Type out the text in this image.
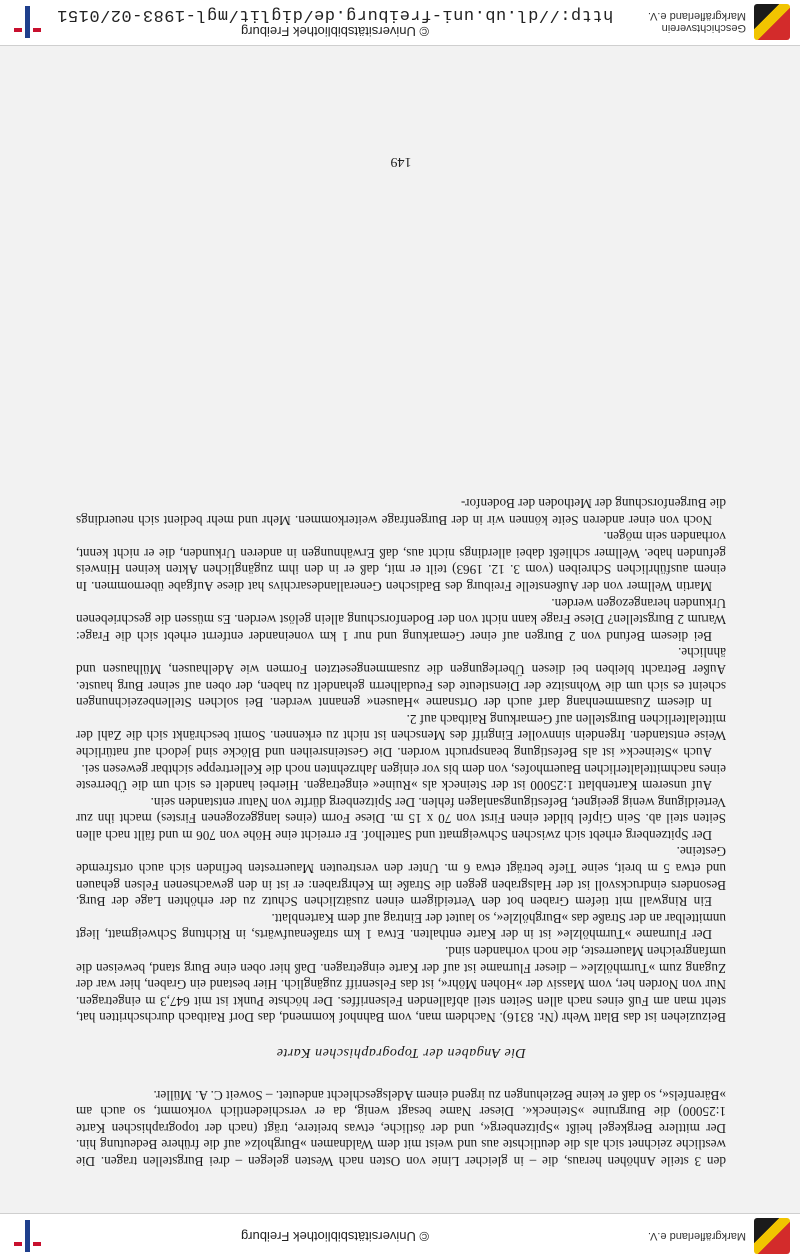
Geschichtsverein Markgräflerland e.V.
© Universitätsbibliothek Freiburg
http://dl.ub.uni-freiburg.de/diglit/mgl-1983-02/0151

den 3 steile Anhöhen heraus, die – in gleicher Linie von Osten nach Westen gelegen – drei Burgstellen tragen. Die westliche zeichnet sich als die deutlichste aus und weist mit dem Waldnamen »Burgholz« auf die frühere Bedeutung hin. Der mittlere Bergkegel heißt »Spitzenberg«, und der östliche, etwas breitere, trägt (nach der topographischen Karte 1:25000) die Burgruine »Steineck«. Dieser Name besagt wenig, da er verschiedentlich vorkommt, so auch am »Bärenfels«, so daß er keine Beziehungen zu irgend einem Adelsgeschlecht andeutet. – Soweit C. A. Müller.

Die Angaben der Topographischen Karte

Beizuziehen ist das Blatt Wehr (Nr. 8316). Nachdem man, vom Bahnhof kommend, das Dorf Raitbach durchschritten hat, steht man am Fuß eines nach allen Seiten steil abfallenden Felsenriffes. Der höchste Punkt ist mit 647,3 m eingetragen. Nur von Norden her, vom Massiv der »Hohen Möhr«, ist das Felsenriff zugänglich. Hier bestand ein Graben, hier war der Zugang zum »Turmhölzle« – dieser Flurname ist auf der Karte eingetragen. Daß hier oben eine Burg stand, beweisen die umfangreichen Mauerreste, die noch vorhanden sind.

Der Flurname »Turmhölzle« ist in der Karte enthalten. Etwa 1 km straßenaufwärts, in Richtung Schweigmatt, liegt unmittelbar an der Straße das »Burghölzle«, so lautet der Eintrag auf dem Kartenblatt.

Ein Ringwall mit tiefem Graben bot den Verteidigern einen zusätzlichen Schutz zu der erhöhten Lage der Burg. Besonders eindrucksvoll ist der Halsgraben gegen die Straße im Kehrgraben: er ist in den gewachsenen Felsen gehauen und etwa 5 m breit, seine Tiefe beträgt etwa 6 m. Unter den verstreuten Mauerresten befinden sich auch ortsfremde Gesteine.

Der Spitzenberg erhebt sich zwischen Schweigmatt und Sattelhof. Er erreicht eine Höhe von 706 m und fällt nach allen Seiten steil ab. Sein Gipfel bildet einen First von 70 x 15 m. Diese Form (eines langgezogenen Firstes) macht ihn zur Verteidigung wenig geeignet, Befestigungsanlagen fehlen. Der Spitzenberg dürfte von Natur entstanden sein.

Auf unserem Kartenblatt 1:25000 ist der Steineck als »Ruine« eingetragen. Hierbei handelt es sich um die Überreste eines nachmittelalterlichen Bauernhofes, von dem bis vor einigen Jahrzehnten noch die Kellertreppe sichtbar gewesen sei.

Auch »Steineck« ist als Befestigung beansprucht worden. Die Gesteinsreihen und Blöcke sind jedoch auf natürliche Weise entstanden. Irgendein sinnvoller Eingriff des Menschen ist nicht zu erkennen. Somit beschränkt sich die Zahl der mittelalterlichen Burgstellen auf Gemarkung Raitbach auf 2.

In diesem Zusammenhang darf auch der Ortsname »Hausen« genannt werden. Bei solchen Stellenbezeichnungen scheint es sich um die Wohnsitze der Dienstleute des Feudalherrn gehandelt zu haben, der oben auf seiner Burg hauste. Außer Betracht bleiben bei diesen Überlegungen die zusammengesetzten Formen wie Adelhausen, Mülhausen und ähnliche.

Bei diesem Befund von 2 Burgen auf einer Gemarkung und nur 1 km voneinander entfernt erhebt sich die Frage: Warum 2 Burgstellen? Diese Frage kann nicht von der Bodenforschung allein gelöst werden. Es müssen die geschriebenen Urkunden herangezogen werden.

Martin Wellmer von der Außenstelle Freiburg des Badischen Generallandesarchivs hat diese Aufgabe übernommen. In einem ausführlichen Schreiben (vom 3. 12. 1963) teilt er mit, daß er in den ihm zugänglichen Akten keinen Hinweis gefunden habe. Wellmer schließt dabei allerdings nicht aus, daß Erwähnungen in anderen Urkunden, die er nicht kennt, vorhanden sein mögen.

Noch von einer anderen Seite können wir in der Burgenfrage weiterkommen. Mehr und mehr bedient sich neuerdings die Burgenforschung der Methoden der Bodenfor-

149
Markgräflerland e.V.
© Universitätsbibliothek Freiburg
